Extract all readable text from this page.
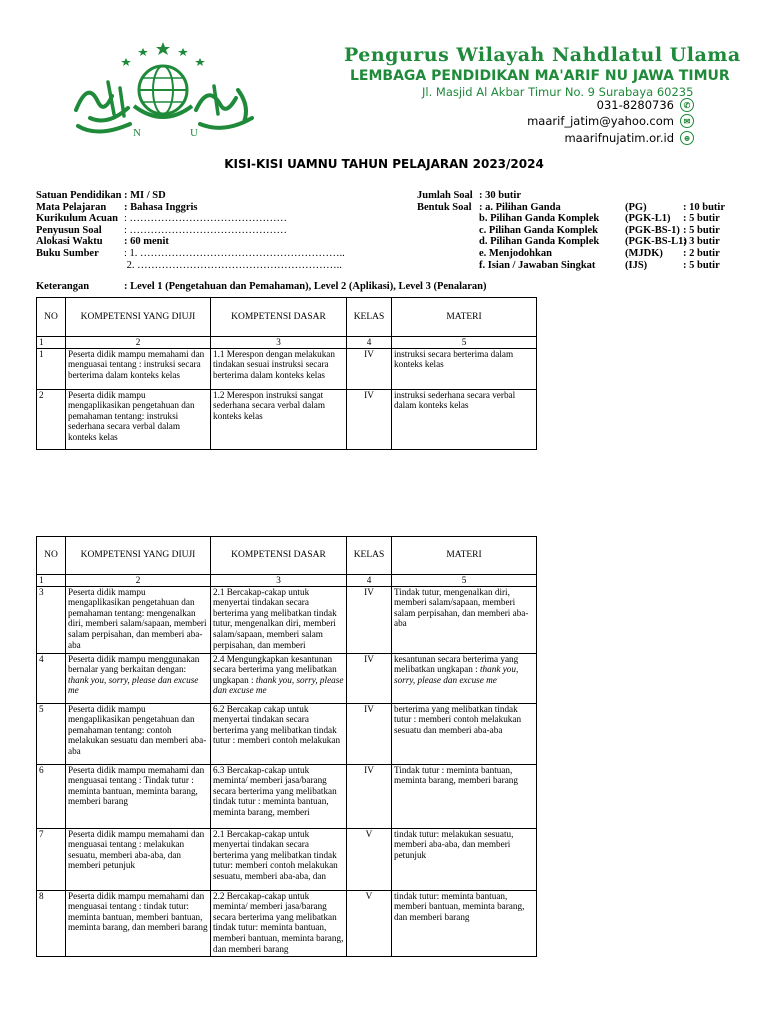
N	U
Pengurus Wilayah Nahdlatul Ulama
LEMBAGA PENDIDIKAN MA'ARIF NU JAWA TIMUR
Jl. Masjid Al Akbar Timur No. 9 Surabaya 60235
031-8280736	✆
maarif_jatim@yahoo.com	✉
maarifnujatim.or.id	⊕
KISI-KISI UAMNU TAHUN PELAJARAN 2023/2024
Satuan Pendidikan : MI / SD
Mata Pelajaran : Bahasa Inggris
Kurikulum Acuan : ………………………………………
Penyusun Soal : ………………………………………
Alokasi Waktu : 60 menit
Buku Sumber : 1. …………………………………………………..
2. …………………………………………………..
Jumlah Soal : 30 butir
Bentuk Soal : a. Pilihan Ganda	(PG)	: 10 butir
b. Pilihan Ganda Komplek (PGK-L1) : 5 butir
c. Pilihan Ganda Komplek	(PGK-BS-1) : 5 butir
d. Pilihan Ganda Komplek (PGK-BS-L1): 3 butir
e. Menjodohkan	(MJDK) : 2 butir
f. Isian / Jawaban Singkat	(IJS)	: 5 butir
Keterangan	: Level 1 (Pengetahuan dan Pemahaman), Level 2 (Aplikasi), Level 3 (Penalaran)
NO	KOMPETENSI YANG DIUJI	KOMPETENSI DASAR	KELAS	MATERI
1	2	3	4	5
1	Peserta didik mampu memahami dan menguasai tentang : instruksi secara berterima dalam konteks kelas	1.1 Merespon dengan melakukan tindakan sesuai instruksi secara berterima dalam konteks kelas	IV	instruksi secara berterima dalam konteks kelas
2	Peserta didik mampu mengaplikasikan pengetahuan dan pemahaman tentang: instruksi sederhana secara verbal dalam konteks kelas	1.2 Merespon instruksi sangat sederhana secara verbal dalam konteks kelas	IV	instruksi sederhana secara verbal dalam konteks kelas
NO	KOMPETENSI YANG DIUJI	KOMPETENSI DASAR	KELAS	MATERI
1	2	3	4	5
3	Peserta didik mampu mengaplikasikan pengetahuan dan pemahaman tentang: mengenalkan diri, memberi salam/sapaan, memberi salam perpisahan, dan memberi aba- aba	2.1 Bercakap-cakap untuk menyertai tindakan secara berterima yang melibatkan tindak tutur, mengenalkan diri, memberi salam/sapaan, memberi salam perpisahan, dan memberi	IV	Tindak tutur, mengenalkan diri, memberi salam/sapaan, memberi salam perpisahan, dan memberi aba- aba
4	Peserta didik mampu menggunakan bernalar yang berkaitan dengan: thank you, sorry, please dan excuse me	2.4 Mengungkapkan kesantunan secara berterima yang melibatkan ungkapan : thank you, sorry, please dan excuse me	IV	kesantunan secara berterima yang melibatkan ungkapan : thank you, sorry, please dan excuse me
5	Peserta didik mampu mengaplikasikan pengetahuan dan pemahaman tentang: contoh melakukan sesuatu dan memberi aba-aba	6.2 Bercakap cakap untuk menyertai tindakan secara berterima yang melibatkan tindak tutur : memberi contoh melakukan	IV	berterima yang melibatkan tindak tutur : memberi contoh melakukan sesuatu dan memberi aba-aba
6	Peserta didik mampu memahami dan menguasai tentang : Tindak tutur : meminta bantuan, meminta barang, memberi barang	6.3 Bercakap-cakap untuk meminta/ memberi jasa/barang secara berterima yang melibatkan tindak tutur : meminta bantuan, meminta barang, memberi	IV	Tindak tutur : meminta bantuan, meminta barang, memberi barang
7	Peserta didik mampu memahami dan menguasai tentang : melakukan sesuatu, memberi aba-aba, dan memberi petunjuk	2.1 Bercakap-cakap untuk menyertai tindakan secara berterima yang melibatkan tindak tutur: memberi contoh melakukan sesuatu, memberi aba-aba, dan	V	tindak tutur: melakukan sesuatu, memberi aba-aba, dan memberi petunjuk
8	Peserta didik mampu memahami dan menguasai tentang : tindak tutur: meminta bantuan, memberi bantuan, meminta barang, dan memberi barang	2.2 Bercakap-cakap untuk meminta/ memberi jasa/barang secara berterima yang melibatkan tindak tutur: meminta bantuan, memberi bantuan, meminta barang, dan memberi barang	V	tindak tutur: meminta bantuan, memberi bantuan, meminta barang, dan memberi barang
